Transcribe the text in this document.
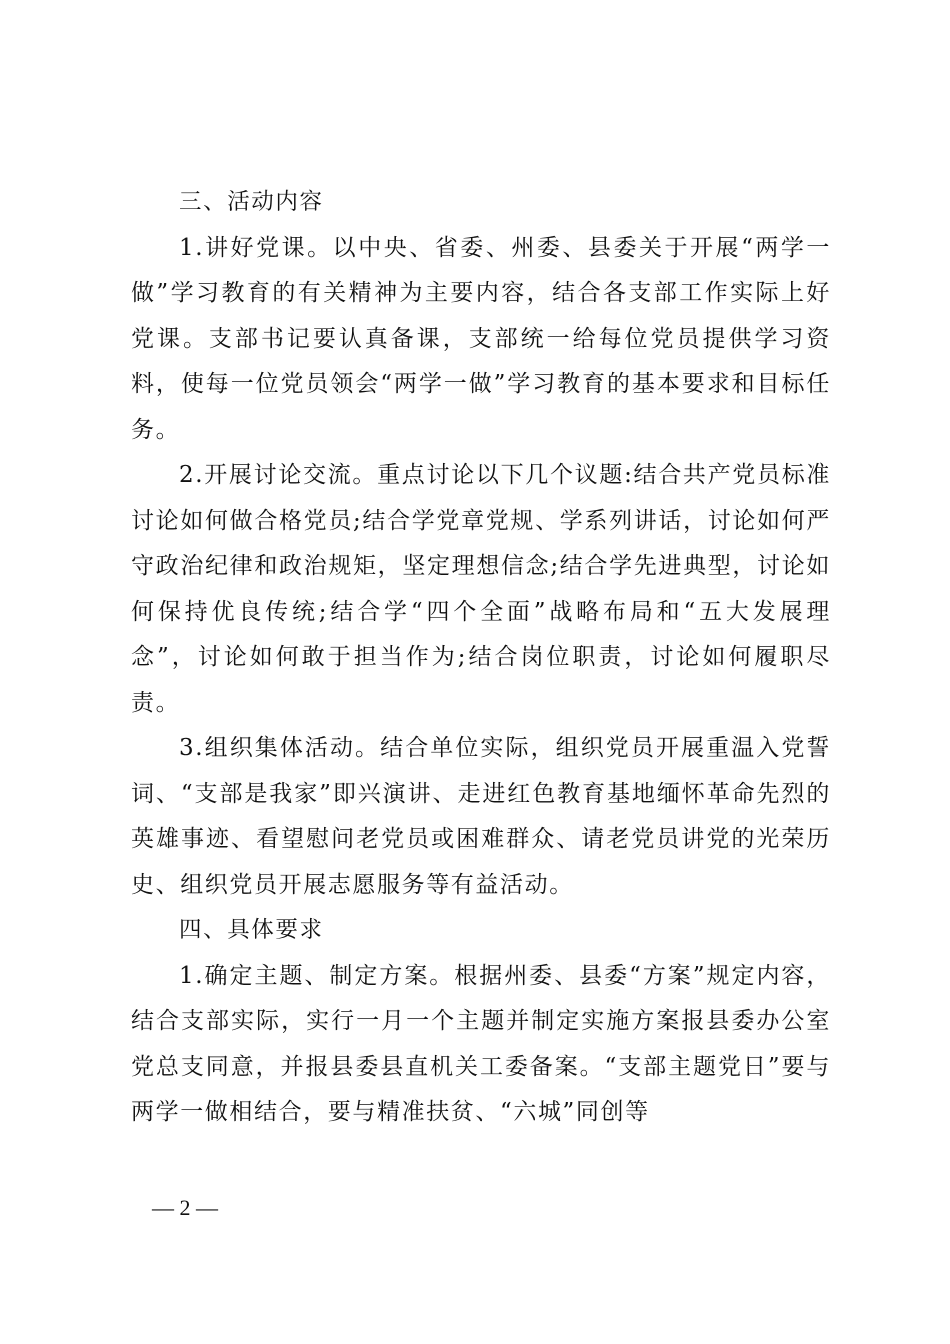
三、活动内容

1.讲好党课。以中央、省委、州委、县委关于开展“两学一做”学习教育的有关精神为主要内容，结合各支部工作实际上好党课。支部书记要认真备课，支部统一给每位党员提供学习资料，使每一位党员领会“两学一做”学习教育的基本要求和目标任务。

2.开展讨论交流。重点讨论以下几个议题:结合共产党员标准讨论如何做合格党员;结合学党章党规、学系列讲话，讨论如何严守政治纪律和政治规矩，坚定理想信念;结合学先进典型，讨论如何保持优良传统;结合学“四个全面”战略布局和“五大发展理念”，讨论如何敢于担当作为;结合岗位职责，讨论如何履职尽责。

3.组织集体活动。结合单位实际，组织党员开展重温入党誓词、“支部是我家”即兴演讲、走进红色教育基地缅怀革命先烈的英雄事迹、看望慰问老党员或困难群众、请老党员讲党的光荣历史、组织党员开展志愿服务等有益活动。

四、具体要求

1.确定主题、制定方案。根据州委、县委“方案”规定内容，结合支部实际，实行一月一个主题并制定实施方案报县委办公室党总支同意，并报县委县直机关工委备案。“支部主题党日”要与两学一做相结合，要与精准扶贫、“六城”同创等

— 2 —
